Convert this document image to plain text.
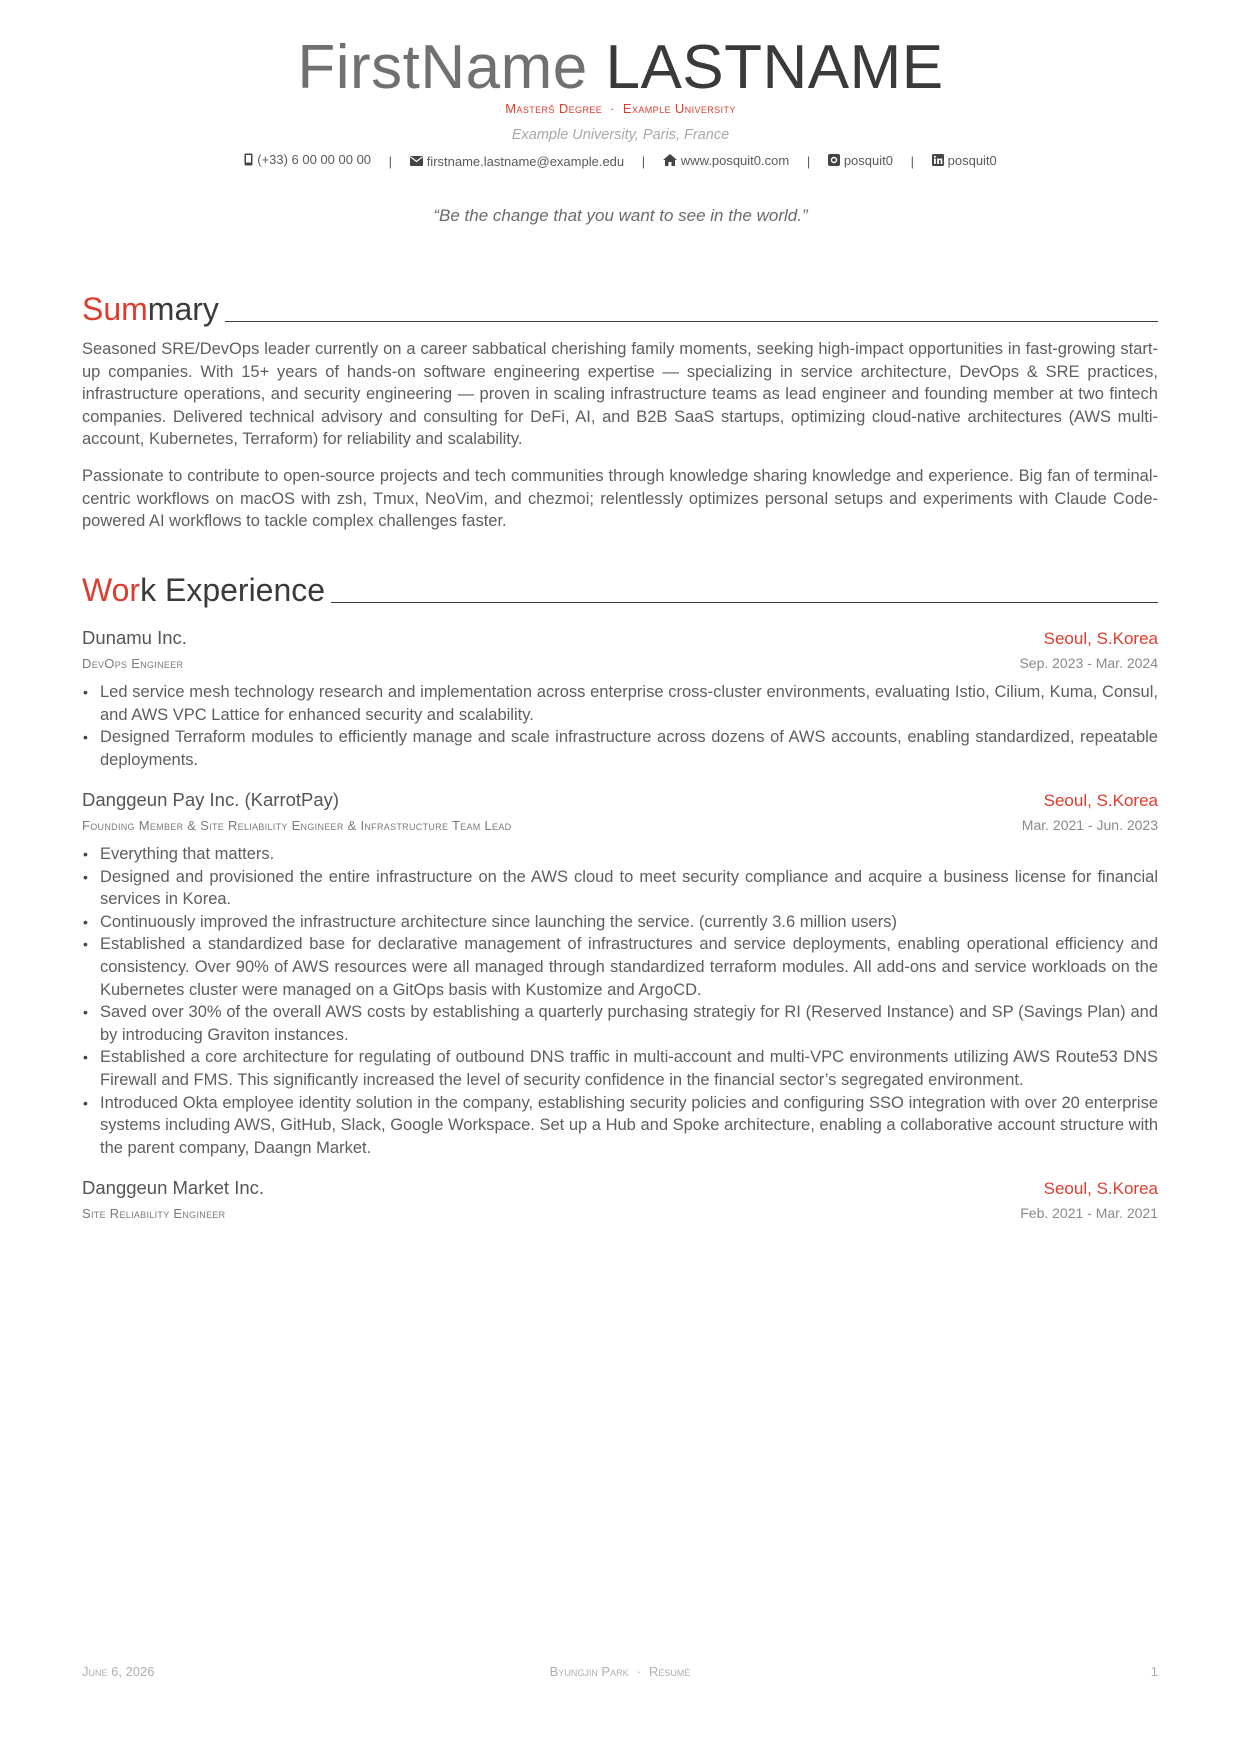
FirstName LASTNAME
Masterš Degree · Example University
Example University, Paris, France
(+33) 6 00 00 00 00 |	firstname.lastname@example.edu |	www.posquit0.com |	posquit0 |	posquit0
“Be the change that you want to see in the world.”
Sum mary

Seasoned SRE/DevOps leader currently on a career sabbatical cherishing family moments, seeking high-impact opportunities in fast-growing start-up companies. With 15+ years of hands-on software engineering expertise — specializing in service architecture, DevOps & SRE practices, infrastructure operations, and security engineering — proven in scaling infrastructure teams as lead engineer and founding member at two fintech companies. Delivered technical advisory and consulting for DeFi, AI, and B2B SaaS startups, optimizing cloud-native architectures (AWS multi-account, Kubernetes, Terraform) for reliability and scalability.

Passionate to contribute to open-source projects and tech communities through knowledge sharing knowledge and experience. Big fan of terminal-centric workflows on macOS with zsh, Tmux, NeoVim, and chezmoi; relentlessly optimizes personal setups and experiments with Claude Code-powered AI workflows to tackle complex challenges faster.

Wor k Experience
Dunamu Inc.	Seoul, S.Korea
DevOps Engineer	Sep. 2023 - Mar. 2024
• Led service mesh technology research and implementation across enterprise cross-cluster environments, evaluating Istio, Cilium, Kuma, Consul, and AWS VPC Lattice for enhanced security and scalability.
• Designed Terraform modules to efficiently manage and scale infrastructure across dozens of AWS accounts, enabling standardized, repeatable deployments.
Danggeun Pay Inc. (KarrotPay)	Seoul, S.Korea
Founding Member & Site Reliability Engineer & Infrastructure Team Lead	Mar. 2021 - Jun. 2023
• Everything that matters.
• Designed and provisioned the entire infrastructure on the AWS cloud to meet security compliance and acquire a business license for financial services in Korea.
• Continuously improved the infrastructure architecture since launching the service. (currently 3.6 million users)
• Established a standardized base for declarative management of infrastructures and service deployments, enabling operational efficiency and consistency. Over 90% of AWS resources were all managed through standardized terraform modules. All add-ons and service workloads on the Kubernetes cluster were managed on a GitOps basis with Kustomize and ArgoCD.
• Saved over 30% of the overall AWS costs by establishing a quarterly purchasing strategiy for RI (Reserved Instance) and SP (Savings Plan) and by introducing Graviton instances.
• Established a core architecture for regulating of outbound DNS traffic in multi-account and multi-VPC environments utilizing AWS Route53 DNS Firewall and FMS. This significantly increased the level of security confidence in the financial sector’s segregated environment.
• Introduced Okta employee identity solution in the company, establishing security policies and configuring SSO integration with over 20 enterprise systems including AWS, GitHub, Slack, Google Workspace. Set up a Hub and Spoke architecture, enabling a collaborative account structure with the parent company, Daangn Market.
Danggeun Market Inc.	Seoul, S.Korea
Site Reliability Engineer	Feb. 2021 - Mar. 2021
June 6, 2026	Byungjin Park · Résumé	1
